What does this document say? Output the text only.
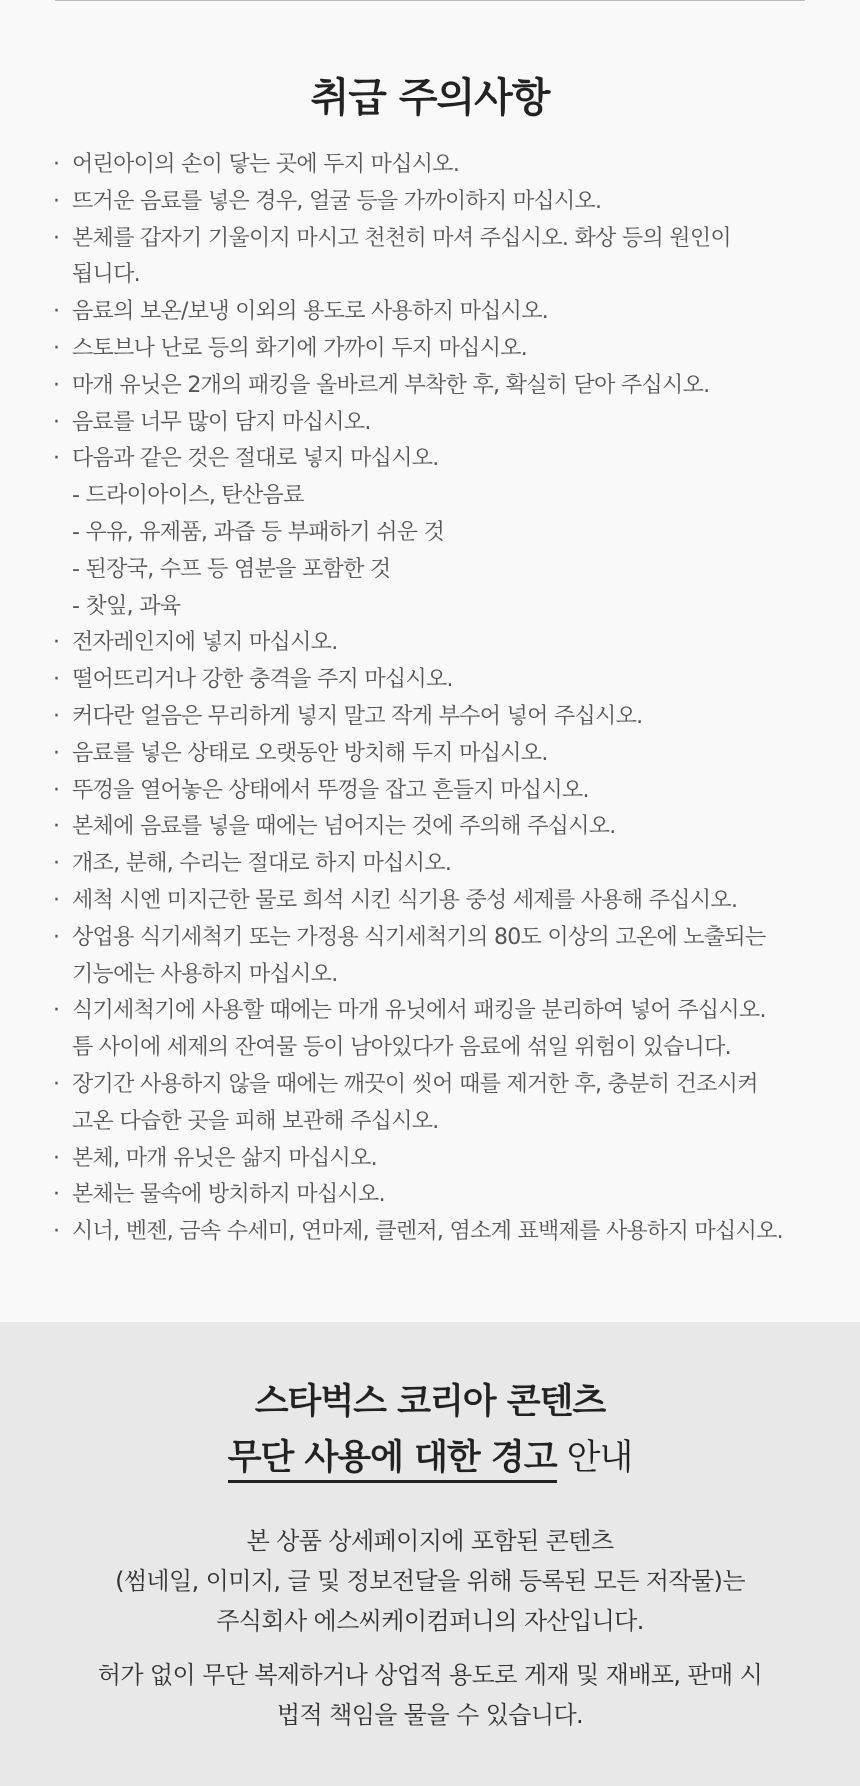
취급 주의사항
· 어린아이의 손이 닿는 곳에 두지 마십시오.
· 뜨거운 음료를 넣은 경우, 얼굴 등을 가까이하지 마십시오.
· 본체를 갑자기 기울이지 마시고 천천히 마셔 주십시오. 화상 등의 원인이
됩니다.
· 음료의 보온/보냉 이외의 용도로 사용하지 마십시오.
· 스토브나 난로 등의 화기에 가까이 두지 마십시오.
· 마개 유닛은 2개의 패킹을 올바르게 부착한 후, 확실히 닫아 주십시오.
· 음료를 너무 많이 담지 마십시오.
· 다음과 같은 것은 절대로 넣지 마십시오.
- 드라이아이스, 탄산음료
- 우유, 유제품, 과즙 등 부패하기 쉬운 것
- 된장국, 수프 등 염분을 포함한 것
- 찻잎, 과육
· 전자레인지에 넣지 마십시오.
· 떨어뜨리거나 강한 충격을 주지 마십시오.
· 커다란 얼음은 무리하게 넣지 말고 작게 부수어 넣어 주십시오.
· 음료를 넣은 상태로 오랫동안 방치해 두지 마십시오.
· 뚜껑을 열어놓은 상태에서 뚜껑을 잡고 흔들지 마십시오.
· 본체에 음료를 넣을 때에는 넘어지는 것에 주의해 주십시오.
· 개조, 분해, 수리는 절대로 하지 마십시오.
· 세척 시엔 미지근한 물로 희석 시킨 식기용 중성 세제를 사용해 주십시오.
· 상업용 식기세척기 또는 가정용 식기세척기의 80도 이상의 고온에 노출되는
기능에는 사용하지 마십시오.
· 식기세척기에 사용할 때에는 마개 유닛에서 패킹을 분리하여 넣어 주십시오.
틈 사이에 세제의 잔여물 등이 남아있다가 음료에 섞일 위험이 있습니다.
· 장기간 사용하지 않을 때에는 깨끗이 씻어 때를 제거한 후, 충분히 건조시켜
고온 다습한 곳을 피해 보관해 주십시오.
· 본체, 마개 유닛은 삶지 마십시오.
· 본체는 물속에 방치하지 마십시오.
· 시너, 벤젠, 금속 수세미, 연마제, 클렌저, 염소계 표백제를 사용하지 마십시오.
스타벅스 코리아 콘텐츠
무단 사용에 대한 경고 안내

본 상품 상세페이지에 포함된 콘텐츠
(썸네일, 이미지, 글 및 정보전달을 위해 등록된 모든 저작물)는
주식회사 에스씨케이컴퍼니의 자산입니다.

허가 없이 무단 복제하거나 상업적 용도로 게재 및 재배포, 판매 시
법적 책임을 물을 수 있습니다.
